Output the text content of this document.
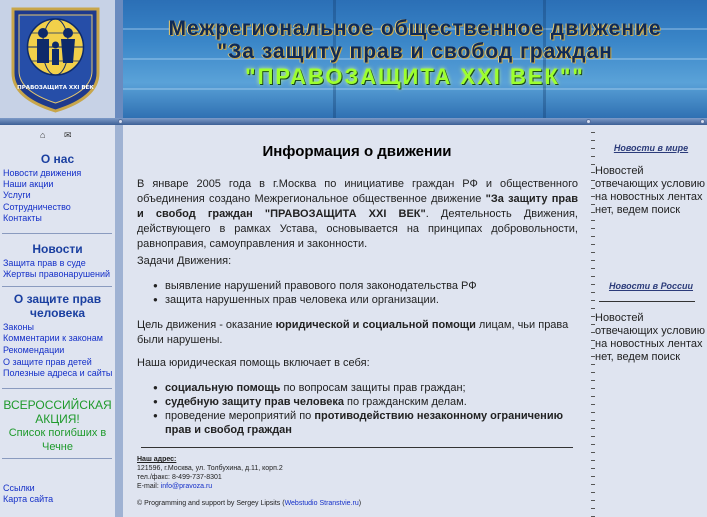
ПРАВОЗАЩИТА XXI ВЕК
Межрегиональное общественное движение
"За защиту прав и свобод граждан
"ПРАВОЗАЩИТА XXI ВЕК""
⌂ ✉
О нас
Новости движения
Наши акции
Услуги
Сотрудничество
Контакты
Новости
Защита прав в суде
Жертвы правонарушений
О защите прав человека
Законы
Комментарии к законам
Рекомендации
О защите прав детей
Полезные адреса и сайты
ВСЕРОССИЙСКАЯ
АКЦИЯ!
Список погибших в
Чечне
Ссылки
Карта сайта
Информация о движении
В январе 2005 года в г.Москва по инициативе граждан РФ и общественного объединения создано Межрегиональное общественное движение "За защиту прав и свобод граждан "ПРАВОЗАЩИТА XXI ВЕК". Деятельность Движения, действующего в рамках Устава, основывается на принципах добровольности, равноправия, самоуправления и законности.
Задачи Движения:
● выявление нарушений правового поля законодательства РФ
● защита нарушенных прав человека или организации.
Цель движения - оказание юридической и социальной помощи лицам, чьи права были нарушены.
Наша юридическая помощь включает в себя:
● социальную помощь по вопросам защиты прав граждан;
● судебную защиту прав человека по гражданским делам.
● проведение мероприятий по противодействию незаконному ограничению прав и свобод граждан
Наш адрес:
121596, г.Москва, ул. Толбухина, д.11, корп.2
тел./факс: 8-499-737-8301
E-mail: info@pravoza.ru
© Programming and support by Sergey Lipsits (Webstudio Stranstvie.ru)
Новости в мире
Новостей отвечающих условию на новостных лентах нет, ведем поиск
Новости в России
Новостей отвечающих условию на новостных лентах нет, ведем поиск
